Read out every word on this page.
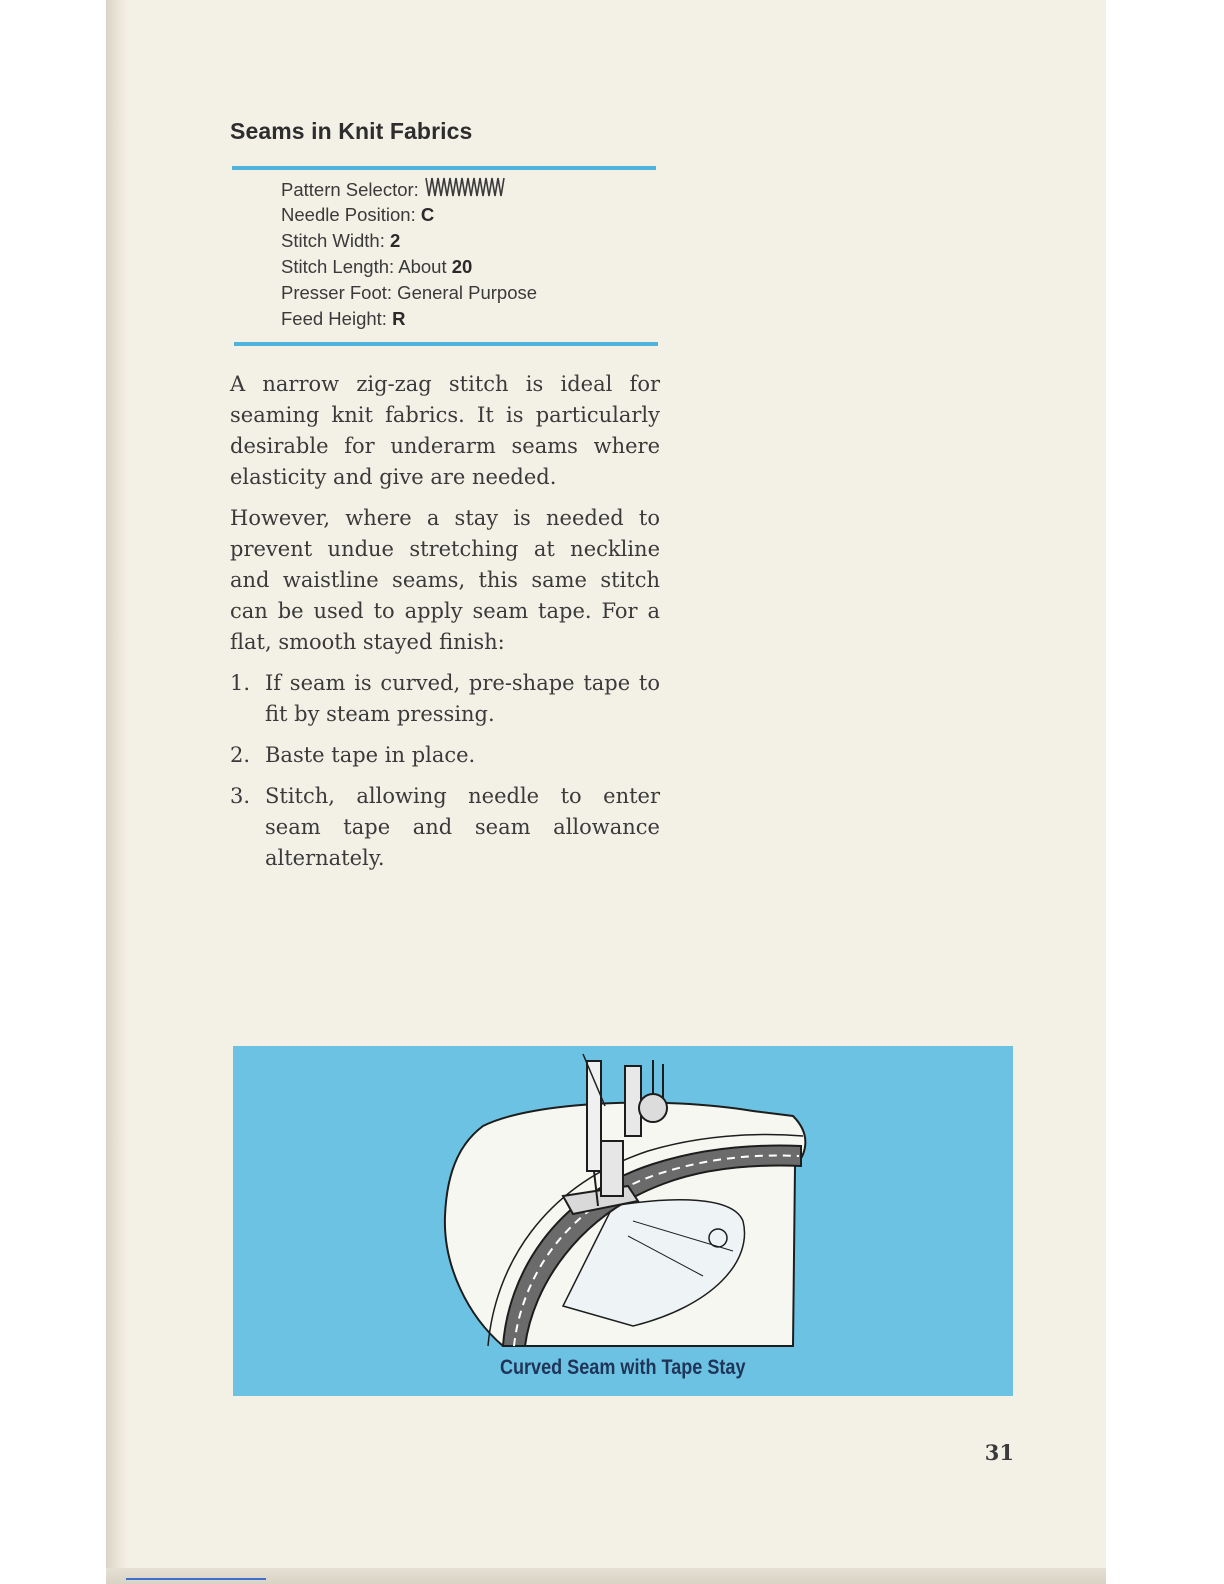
Seams in Knit Fabrics
Pattern Selector:
Needle Position: C
Stitch Width: 2
Stitch Length: About 20
Presser Foot: General Purpose
Feed Height: R

A narrow zig-zag stitch is ideal for seaming knit fabrics. It is particularly desirable for underarm seams where elasticity and give are needed.

However, where a stay is needed to prevent undue stretching at neckline and waistline seams, this same stitch can be used to apply seam tape. For a flat, smooth stayed finish:

1. If seam is curved, pre-shape tape to fit by steam pressing.
2. Baste tape in place.
3. Stitch, allowing needle to enter seam tape and seam allowance alternately.
Curved Seam with Tape Stay
31
